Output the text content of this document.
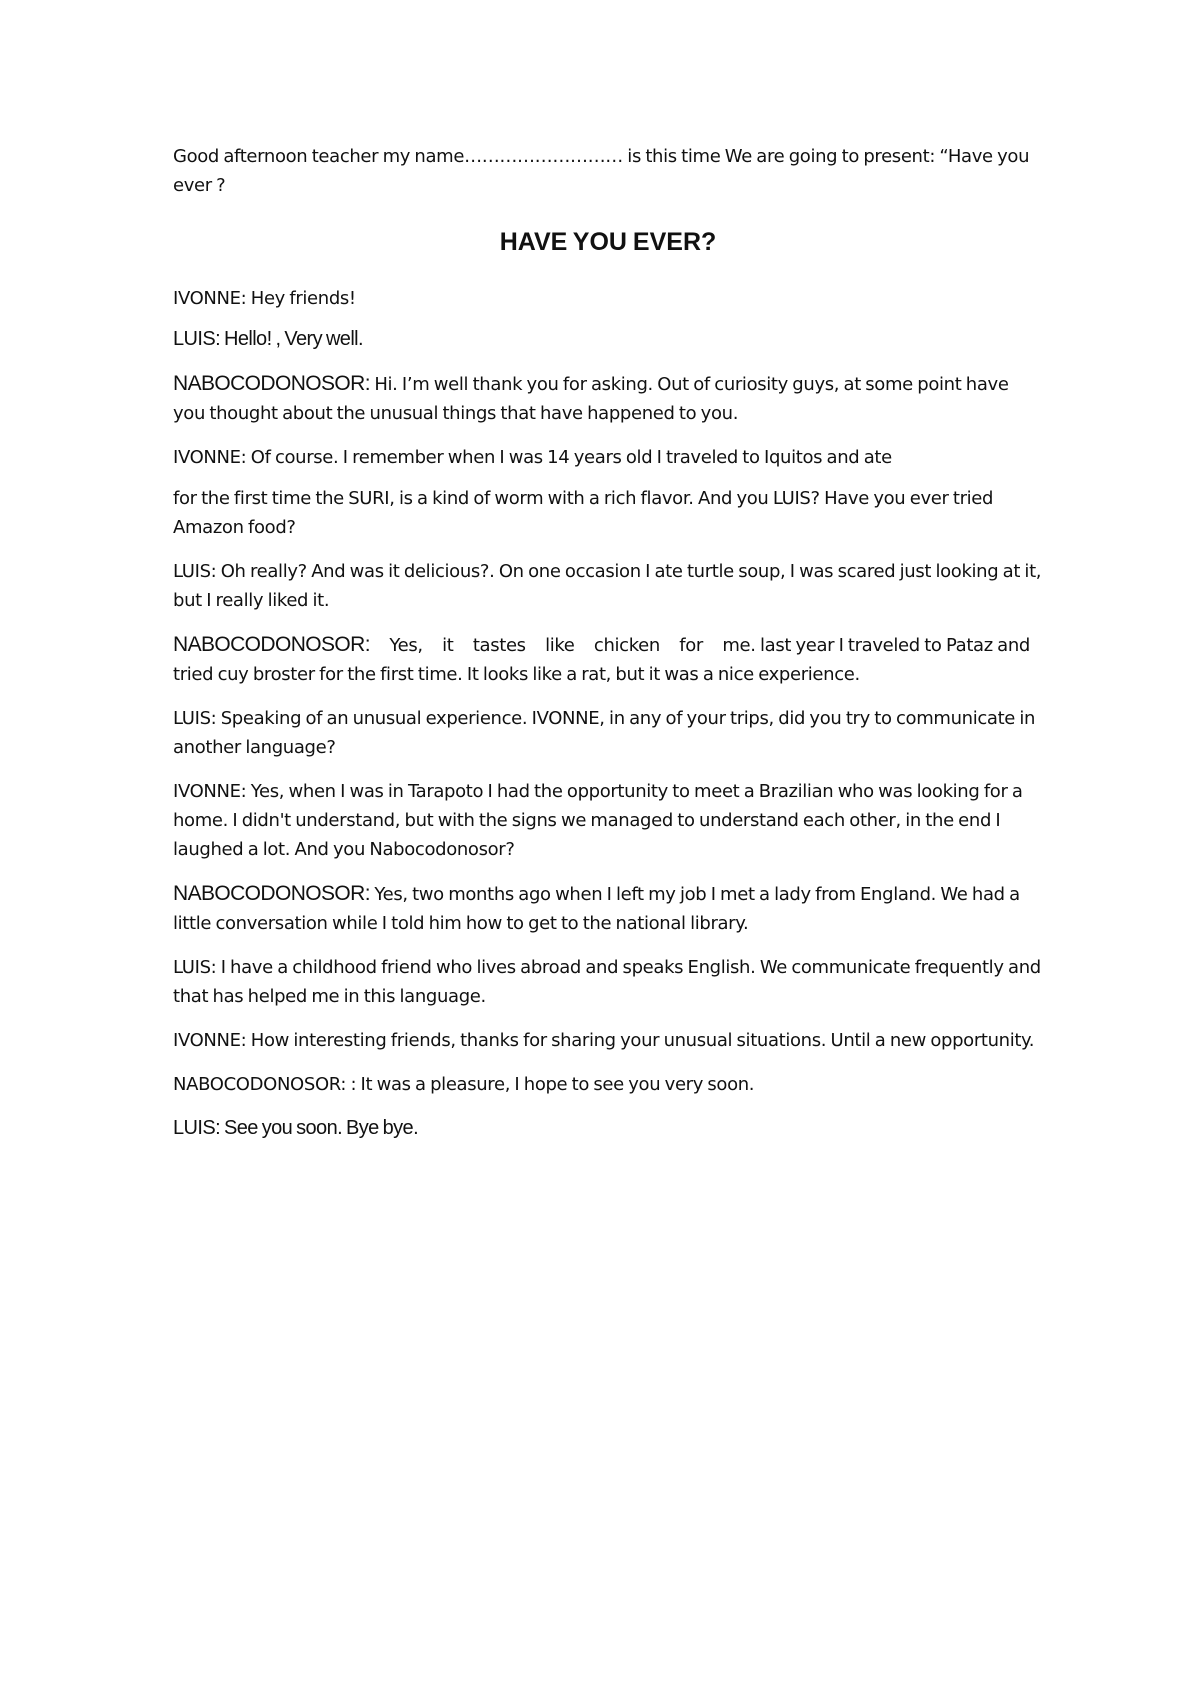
Good afternoon teacher my name……………………… is this time We are going to present: “Have you ever ?

HAVE YOU EVER?

IVONNE: Hey friends!

LUIS: Hello! , Very well.

NABOCODONOSOR: Hi. I’m well thank you for asking. Out of curiosity guys, at some point have you thought about the unusual things that have happened to you.

IVONNE: Of course. I remember when I was 14 years old I traveled to Iquitos and ate

for the first time the SURI, is a kind of worm with a rich flavor. And you LUIS? Have you ever tried Amazon food?

LUIS: Oh really? And was it delicious?. On one occasion I ate turtle soup, I was scared just looking at it, but I really liked it.

NABOCODONOSOR: Yes, it tastes like chicken for me. last year I traveled to Pataz and tried cuy broster for the first time. It looks like a rat, but it was a nice experience.

LUIS: Speaking of an unusual experience. IVONNE, in any of your trips, did you try to communicate in another language?

IVONNE: Yes, when I was in Tarapoto I had the opportunity to meet a Brazilian who was looking for a home. I didn't understand, but with the signs we managed to understand each other, in the end I laughed a lot. And you Nabocodonosor?

NABOCODONOSOR: Yes, two months ago when I left my job I met a lady from England. We had a little conversation while I told him how to get to the national library.

LUIS: I have a childhood friend who lives abroad and speaks English. We communicate frequently and that has helped me in this language.

IVONNE: How interesting friends, thanks for sharing your unusual situations. Until a new opportunity.

NABOCODONOSOR: : It was a pleasure, I hope to see you very soon.

LUIS: See you soon. Bye bye.
